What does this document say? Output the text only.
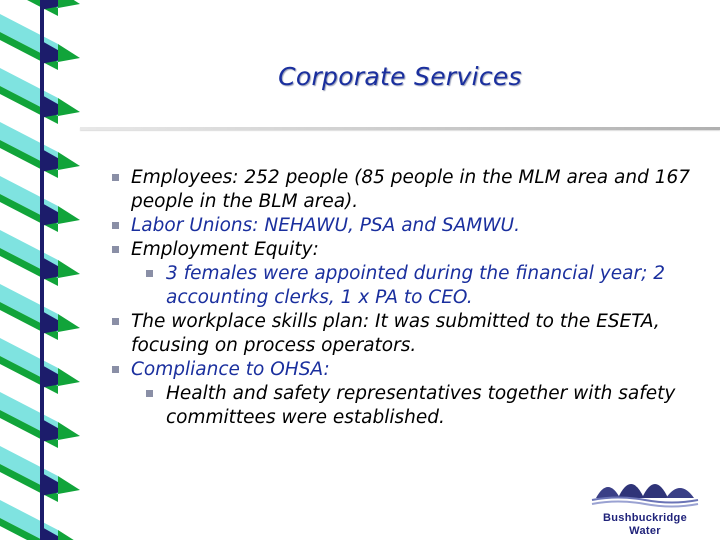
Corporate Services
Employees: 252 people (85 people in the MLM area and 167 people in the BLM area).
Labor Unions: NEHAWU, PSA and SAMWU.
Employment Equity:
3 females were appointed during the financial year; 2 accounting clerks, 1 x PA to CEO.
The workplace skills plan: It was submitted to the ESETA, focusing on process operators.
Compliance to OHSA:
Health and safety representatives together with safety committees were established.
Bushbuckridge
Water
